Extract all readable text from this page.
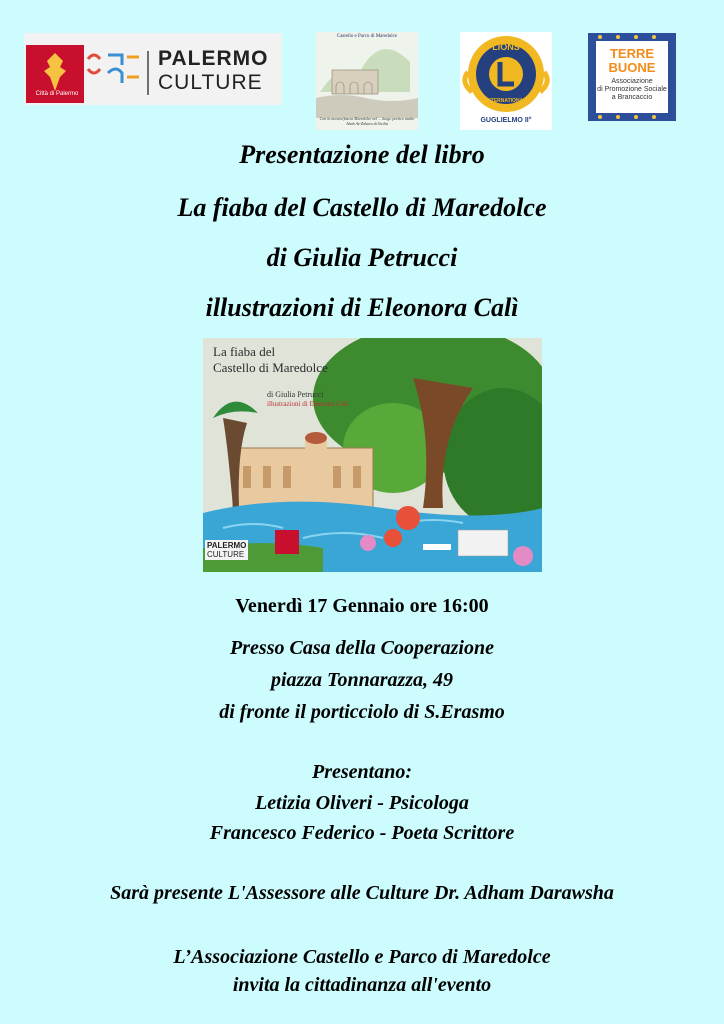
PALERMO
CULTURE
Città di Palermo
Castello e Parco di Maredolce
Con la mostra/fascia Maredolce nel ... luogo portico arabo Ahab Az-Zahara di Sicilia
LIONS
INTERNATIONAL
GUGLIELMO II°
TERRE
BUONE
Associazione
di Promozione Sociale
a Brancaccio
Presentazione del libro
La fiaba del Castello di Maredolce
di Giulia Petrucci
illustrazioni di Eleonora Calì
La fiaba del
Castello di Maredolce
di Giulia Petrucci
illustrazioni di Eleonora Calì
PALERMO
CULTURE
Venerdì 17 Gennaio ore 16:00
Presso Casa della Cooperazione
piazza Tonnarazza, 49
di fronte il porticciolo di S.Erasmo
Presentano:
Letizia Oliveri - Psicologa
Francesco Federico - Poeta Scrittore
Sarà presente L'Assessore alle Culture Dr. Adham Darawsha
L’Associazione Castello e Parco di Maredolce
invita la cittadinanza all'evento
